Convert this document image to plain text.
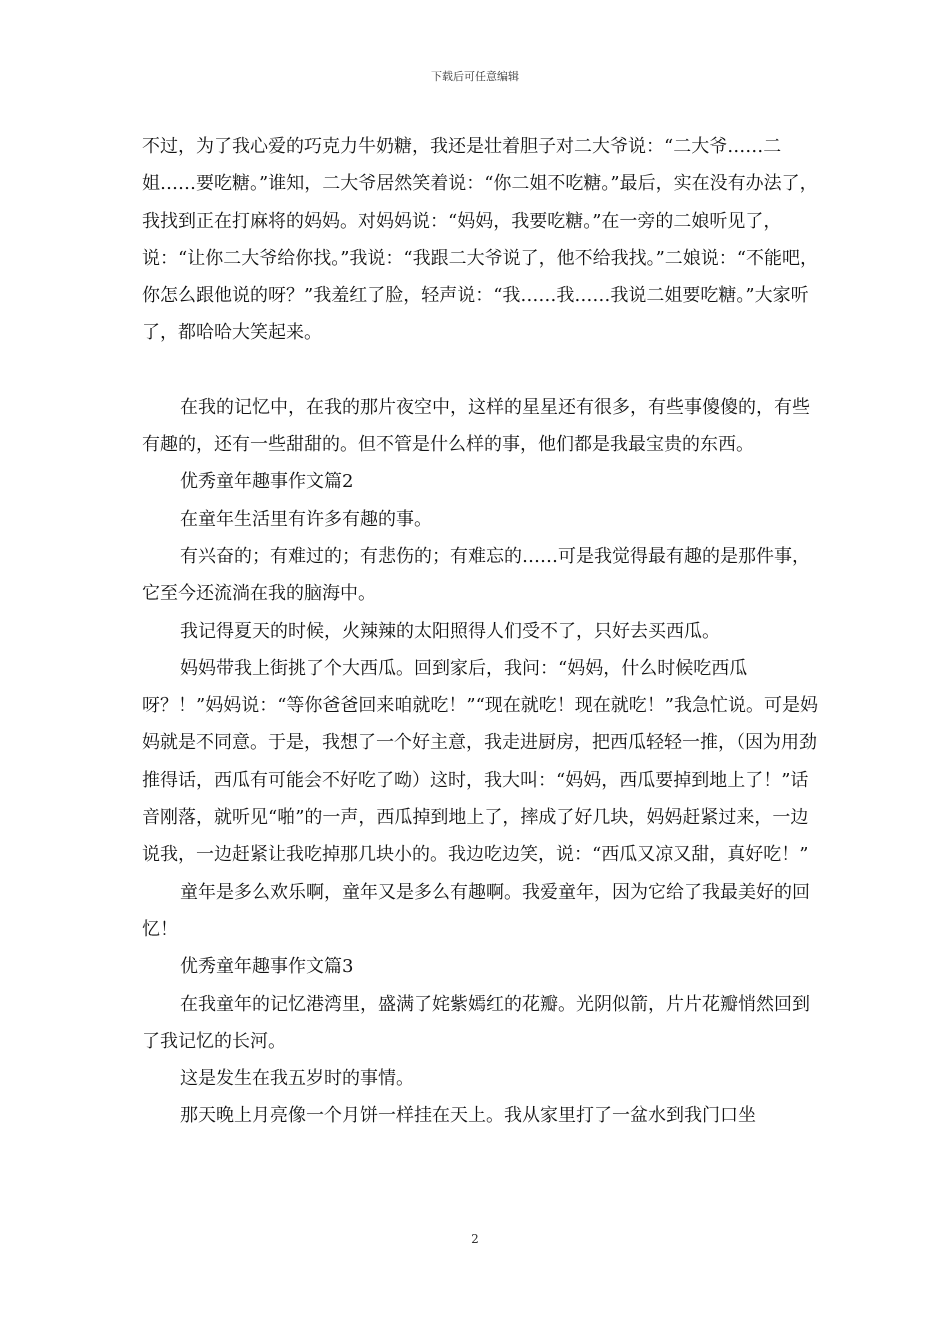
下载后可任意编辑

不过，为了我心爱的巧克力牛奶糖，我还是壮着胆子对二大爷说：“二大爷……二姐……要吃糖。”谁知，二大爷居然笑着说：“你二姐不吃糖。”最后，实在没有办法了，我找到正在打麻将的妈妈。对妈妈说：“妈妈，我要吃糖。”在一旁的二娘听见了，说：“让你二大爷给你找。”我说：“我跟二大爷说了，他不给我找。”二娘说：“不能吧，你怎么跟他说的呀？”我羞红了脸，轻声说：“我……我……我说二姐要吃糖。”大家听了，都哈哈大笑起来。

在我的记忆中，在我的那片夜空中，这样的星星还有很多，有些事傻傻的，有些有趣的，还有一些甜甜的。但不管是什么样的事，他们都是我最宝贵的东西。

优秀童年趣事作文篇2

在童年生活里有许多有趣的事。

有兴奋的；有难过的；有悲伤的；有难忘的……可是我觉得最有趣的是那件事，它至今还流淌在我的脑海中。

我记得夏天的时候，火辣辣的太阳照得人们受不了，只好去买西瓜。

妈妈带我上街挑了个大西瓜。回到家后，我问：“妈妈，什么时候吃西瓜呀？！”妈妈说：“等你爸爸回来咱就吃！”“现在就吃！现在就吃！”我急忙说。可是妈妈就是不同意。于是，我想了一个好主意，我走进厨房，把西瓜轻轻一推，（因为用劲推得话，西瓜有可能会不好吃了呦）这时，我大叫：“妈妈，西瓜要掉到地上了！”话音刚落，就听见“啪”的一声，西瓜掉到地上了，摔成了好几块，妈妈赶紧过来，一边说我，一边赶紧让我吃掉那几块小的。我边吃边笑，说：“西瓜又凉又甜，真好吃！”

童年是多么欢乐啊，童年又是多么有趣啊。我爱童年，因为它给了我最美好的回忆！

优秀童年趣事作文篇3

在我童年的记忆港湾里，盛满了姹紫嫣红的花瓣。光阴似箭，片片花瓣悄然回到了我记忆的长河。

这是发生在我五岁时的事情。

那天晚上月亮像一个月饼一样挂在天上。我从家里打了一盆水到我门口坐

2
